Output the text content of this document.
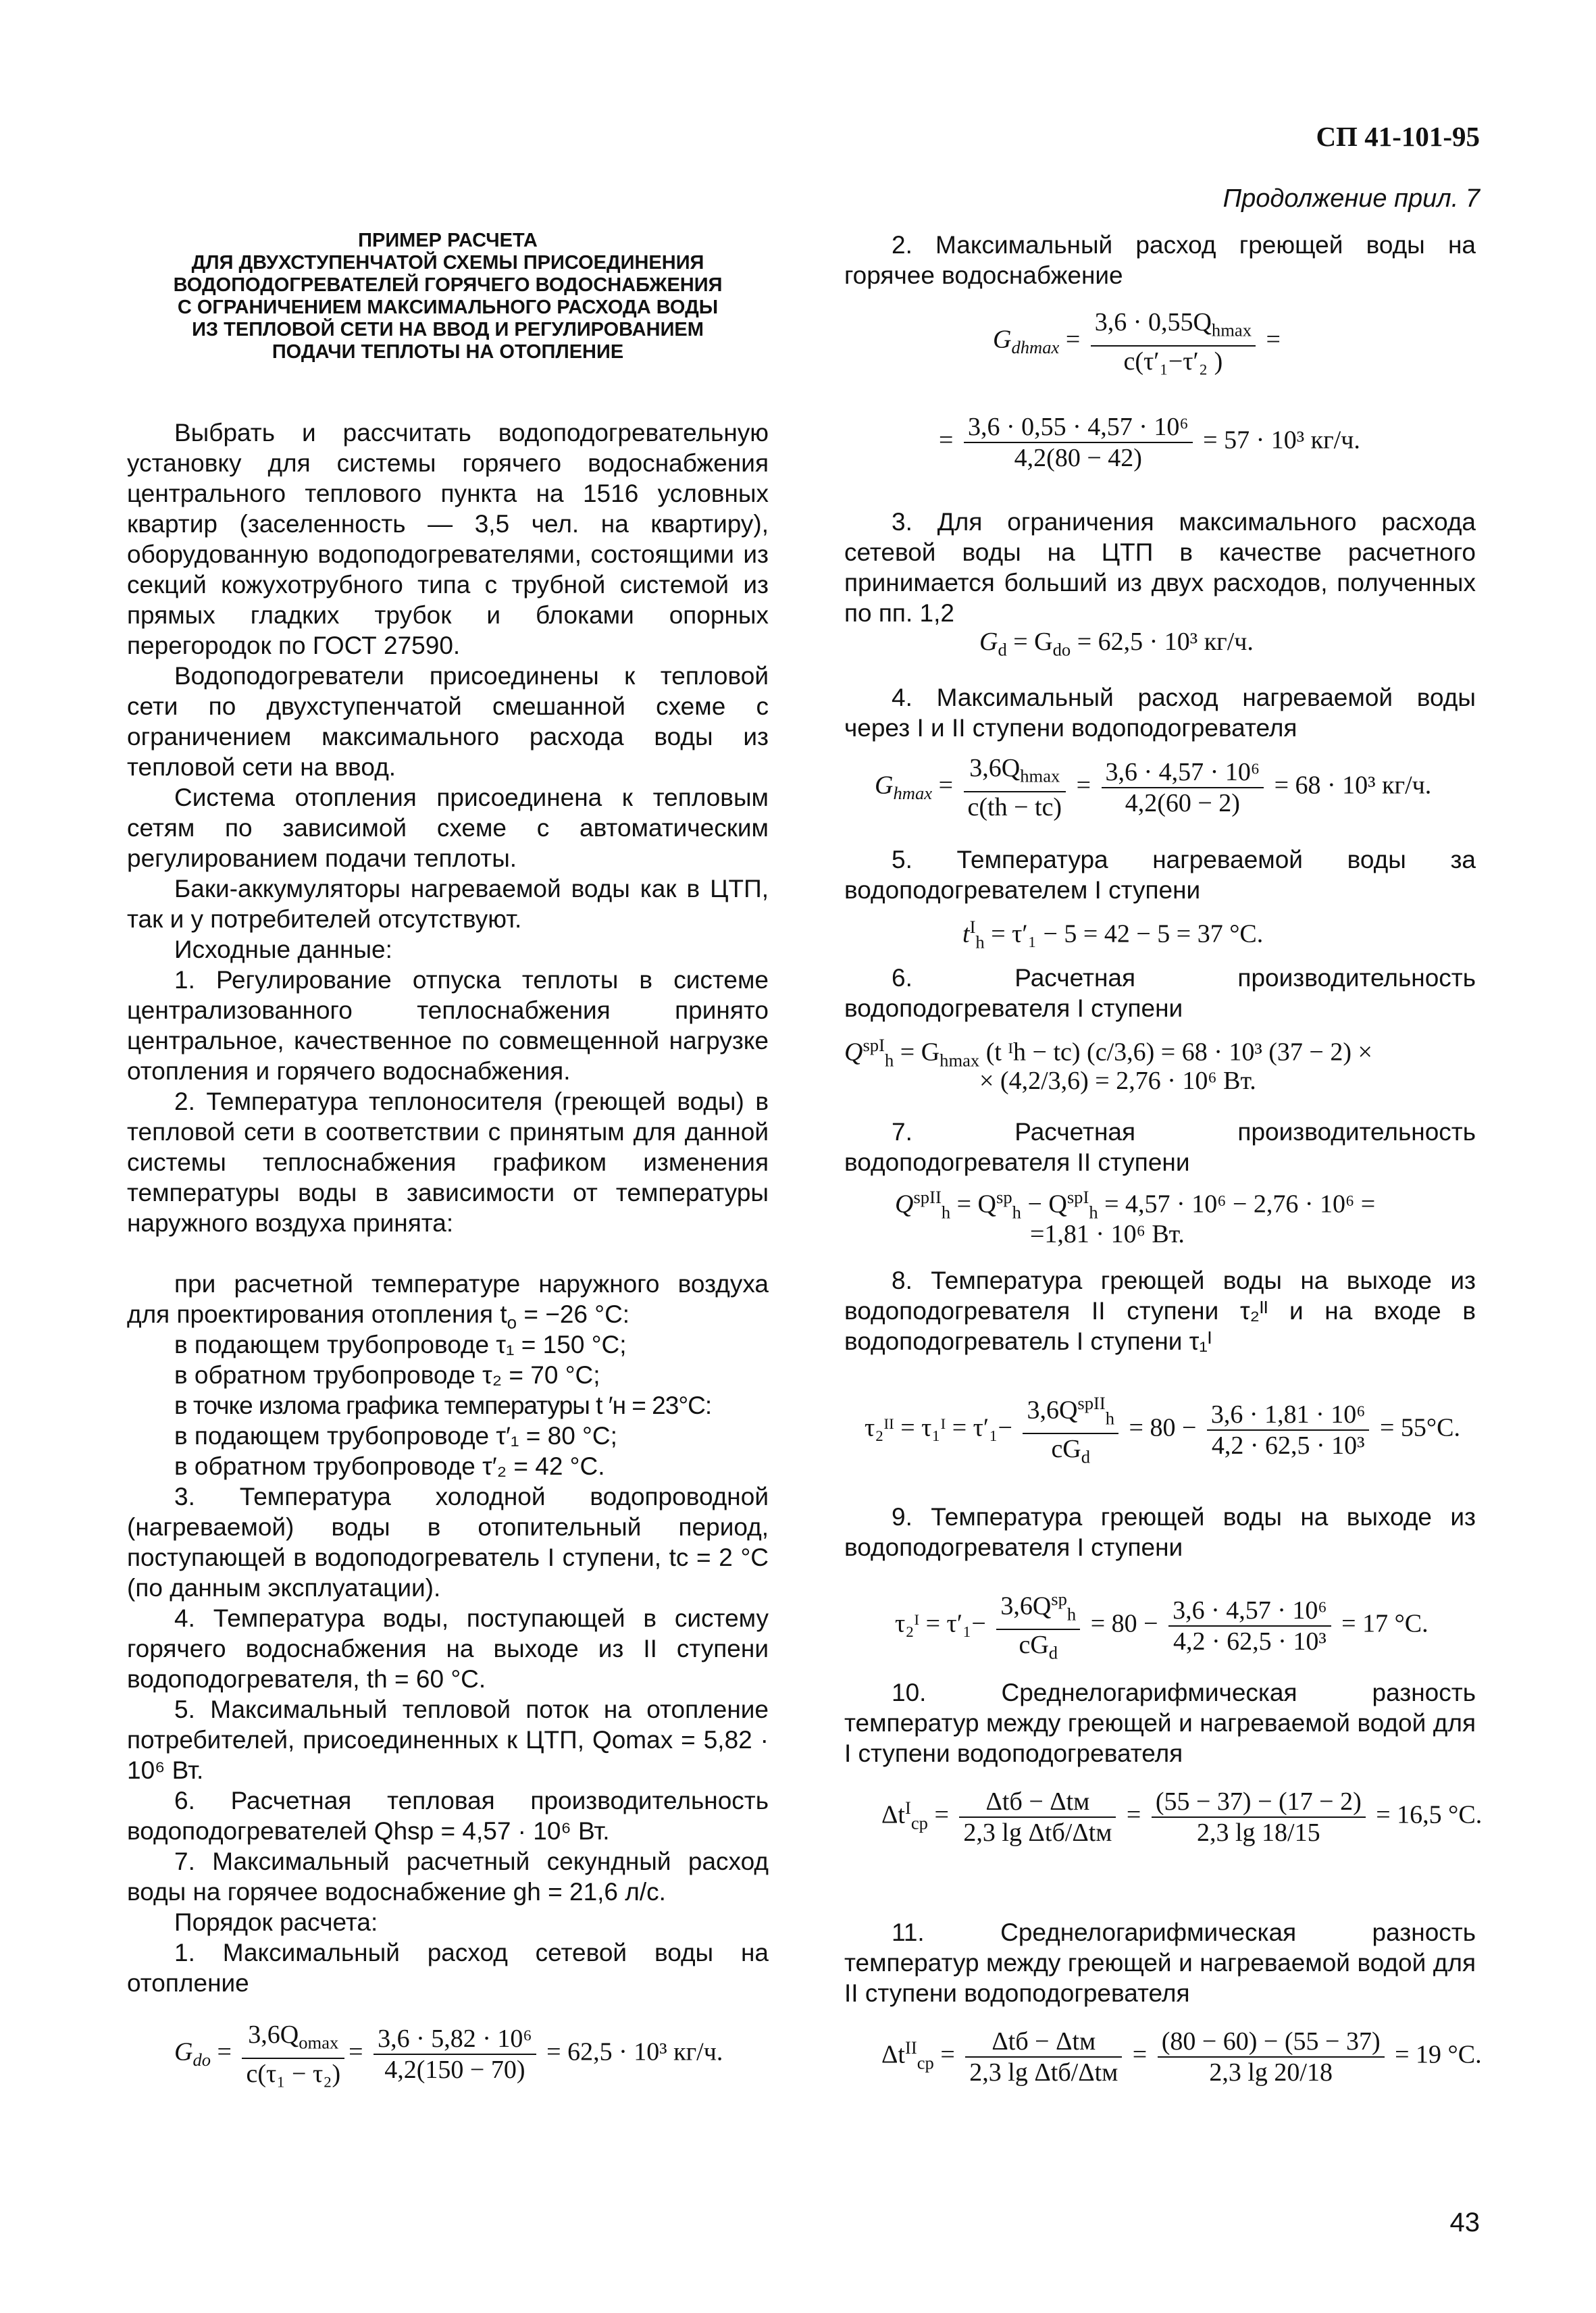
СП 41-101-95
Продолжение прил. 7
ПРИМЕР РАСЧЕТА
ДЛЯ ДВУХСТУПЕНЧАТОЙ СХЕМЫ ПРИСОЕДИНЕНИЯ
ВОДОПОДОГРЕВАТЕЛЕЙ ГОРЯЧЕГО ВОДОСНАБЖЕНИЯ
С ОГРАНИЧЕНИЕМ МАКСИМАЛЬНОГО РАСХОДА ВОДЫ
ИЗ ТЕПЛОВОЙ СЕТИ НА ВВОД И РЕГУЛИРОВАНИЕМ
ПОДАЧИ ТЕПЛОТЫ НА ОТОПЛЕНИЕ
Выбрать и рассчитать водоподогревательную установку для системы горячего водоснабжения центрального теплового пункта на 1516 условных квартир (заселенность — 3,5 чел. на квартиру), оборудованную водоподогревателями, состоящими из секций кожухотрубного типа с трубной системой из прямых гладких трубок и блоками опорных перегородок по ГОСТ 27590.
Водоподогреватели присоединены к тепловой сети по двухступенчатой смешанной схеме с ограничением максимального расхода воды из тепловой сети на ввод.
Система отопления присоединена к тепловым сетям по зависимой схеме с автоматическим регулированием подачи теплоты.
Баки-аккумуляторы нагреваемой воды как в ЦТП, так и у потребителей отсутствуют.
Исходные данные:
1. Регулирование отпуска теплоты в системе централизованного теплоснабжения принято центральное, качественное по совмещенной нагрузке отопления и горячего водоснабжения.
2. Температура теплоносителя (греющей воды) в тепловой сети в соответствии с принятым для данной системы теплоснабжения графиком изменения температуры воды в зависимости от температуры наружного воздуха принята:
при расчетной температуре наружного воздуха для проектирования отопления $t_o = -26$ °С:
в подающем трубопроводе τ₁ = 150 °С;
в обратном трубопроводе τ₂ = 70 °С;
в точке излома графика температуры t ′н = 23°С:
в подающем трубопроводе τ′₁ = 80 °С;
в обратном трубопроводе τ′₂ = 42 °С.
3. Температура холодной водопроводной (нагреваемой) воды в отопительный период, поступающей в водоподогреватель I ступени, tс = 2 °С (по данным эксплуатации).
4. Температура воды, поступающей в систему горячего водоснабжения на выходе из II ступени водоподогревателя, th = 60 °С.
5. Максимальный тепловой поток на отопление потребителей, присоединенных к ЦТП, Qomax = 5,82 · 10⁶ Вт.
6. Расчетная тепловая производительность водоподогревателей Qhsp = 4,57 · 10⁶ Вт.
7. Максимальный расчетный секундный расход воды на горячее водоснабжение gh = 21,6 л/с.
Порядок расчета:
1. Максимальный расход сетевой воды на отопление
$G_{do}$ =
$3,6Q_{omax}$
c(τ₁ − τ₂)
= $\frac{\text{3,6 · 5,82 · 10⁶}}{4,2(150 - 70)} = 62,5 \cdot 10^3$ кг/ч.
2. Максимальный расход греющей воды на горячее водоснабжение
$G_{dhmax}$ =
$3,6 \cdot 0,55Q_{hmax}$
c(τ′₁−τ′₂ )
=
= $\frac{\text{3,6 · 0,55 · 4,57 · 10⁶}}{4,2(80 - 42)} = 57 \cdot 10^3$ кг/ч.
3. Для ограничения максимального расхода сетевой воды на ЦТП в качестве расчетного принимается больший из двух расходов, полученных по пп. 1,2
$G_d = G_{do} = 62,5 \cdot 10^3$ кг/ч.
4. Максимальный расход нагреваемой воды через I и II ступени водоподогревателя
$G_{hmax}$ =
$3,6Q_{hmax}$
c(th − tc)
= $\frac{\text{3,6 · 4,57 · 10⁶}}{4,2(60 - 2)} = 68 \cdot 10^3$ кг/ч.
5. Температура нагреваемой воды за водоподогревателем I ступени
$t^I_h = \tau'_1 - 5 = 42 - 5 = 37$ °С.
6. Расчетная производительность водоподогревателя I ступени
$Q^{spI}_h = G_{hmax}$ (t ᴵh − tc) (c/3,6) = 68 · 10³ (37 − 2) ×
× (4,2/3,6) = 2,76 · 10⁶ Вт.
7. Расчетная производительность водоподогревателя II ступени
$Q^{spII}_h = Q^{sp}_h - Q^{spI}_h = 4,57 \cdot 10^6 - 2,76 \cdot 10^6$ =
=1,81 · 10⁶ Вт.
8. Температура греющей воды на выходе из водоподогревателя II ступени τ₂ᴵᴵ и на входе в водоподогреватель I ступени τ₁ᴵ
τ₂ᴵᴵ = τ₁ᴵ = τ′₁−
$3,6Q^{spII}_h$
$cG_d$
= $80 - \frac{\text{3,6 · 1,81 · 10⁶}}{\text{4,2 · 62,5 · 10³}} = 55^\circ С$.
9. Температура греющей воды на выходе из водоподогревателя I ступени
τ₂ᴵ = τ′₁−
$3,6Q^{sp}_h$
$cG_d$
= $80 - \frac{\text{3,6 · 4,57 · 10⁶}}{\text{4,2 · 62,5 · 10³}} = 17$ °С.
10. Среднелогарифмическая разность температур между греющей и нагреваемой водой для I ступени водоподогревателя
$\Delta t^I_{ср}$ =	Δtб − Δtм
2,3 lg Δtб/Δtм
= $\frac{(55 - 37) - (17 - 2)}{2,3 \lg 18/15} = 16,5$ °С.
11. Среднелогарифмическая разность температур между греющей и нагреваемой водой для II ступени водоподогревателя
$\Delta t^{II}_{ср}$ =	Δtб − Δtм
2,3 lg Δtб/Δtм
= $\frac{(80 - 60) - (55 - 37)}{2,3 \lg 20/18} = 19$ °С.
43
